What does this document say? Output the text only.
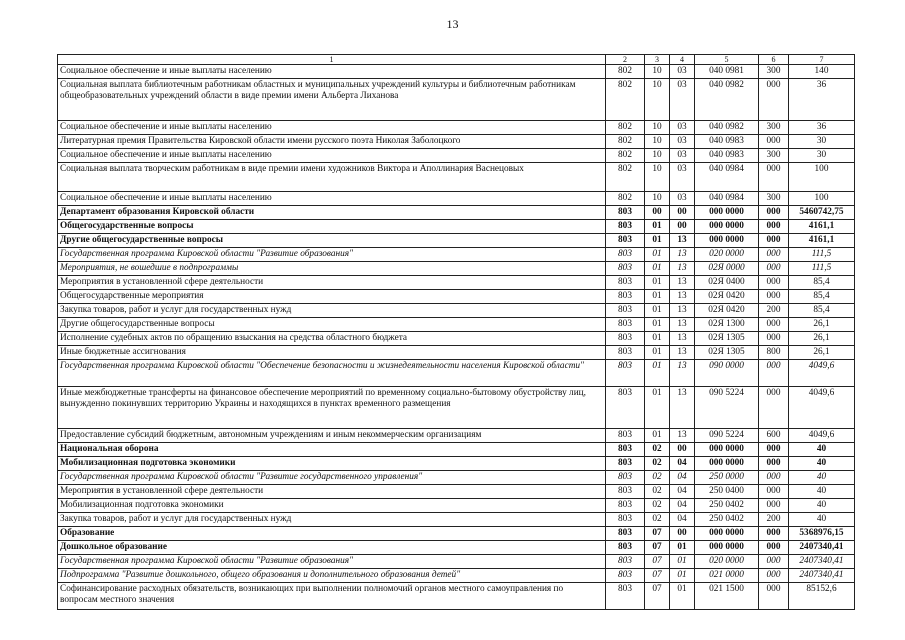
13
1	2	3	4	5	6	7
Социальное обеспечение и иные выплаты населению	802	10	03	040 0981	300	140
Социальная выплата библиотечным работникам областных и муниципальных учреждений культуры и библиотечным работникам общеобразовательных учреждений области в виде премии имени Альберта Лиханова	802	10	03	040 0982	000	36
Социальное обеспечение и иные выплаты населению	802	10	03	040 0982	300	36
Литературная премия Правительства Кировской области имени русского поэта Николая Заболоцкого	802	10	03	040 0983	000	30
Социальное обеспечение и иные выплаты населению	802	10	03	040 0983	300	30
Социальная выплата творческим работникам в виде премии имени художников Виктора и Аполлинария Васнецовых	802	10	03	040 0984	000	100
Социальное обеспечение и иные выплаты населению	802	10	03	040 0984	300	100
Департамент образования Кировской области	803	00	00	000 0000	000	5460742,75
Общегосударственные вопросы	803	01	00	000 0000	000	4161,1
Другие общегосударственные вопросы	803	01	13	000 0000	000	4161,1
Государственная программа Кировской области "Развитие образования"	803	01	13	020 0000	000	111,5
Мероприятия, не вошедшие в подпрограммы	803	01	13	02Я 0000	000	111,5
Мероприятия в установленной сфере деятельности	803	01	13	02Я 0400	000	85,4
Общегосударственные мероприятия	803	01	13	02Я 0420	000	85,4
Закупка товаров, работ и услуг для государственных нужд	803	01	13	02Я 0420	200	85,4
Другие общегосударственные вопросы	803	01	13	02Я 1300	000	26,1
Исполнение судебных актов по обращению взыскания на средства областного бюджета	803	01	13	02Я 1305	000	26,1
Иные бюджетные ассигнования	803	01	13	02Я 1305	800	26,1
Государственная программа Кировской области "Обеспечение безопасности и жизнедеятельности населения Кировской области"	803	01	13	090 0000	000	4049,6
Иные межбюджетные трансферты на финансовое обеспечение мероприятий по временному социально-бытовому обустройству лиц, вынужденно покинувших территорию Украины и находящихся в пунктах временного размещения	803	01	13	090 5224	000	4049,6
Предоставление субсидий бюджетным, автономным учреждениям и иным некоммерческим организациям	803	01	13	090 5224	600	4049,6
Национальная оборона	803	02	00	000 0000	000	40
Мобилизационная подготовка экономики	803	02	04	000 0000	000	40
Государственная программа Кировской области "Развитие государственного управления"	803	02	04	250 0000	000	40
Мероприятия в установленной сфере деятельности	803	02	04	250 0400	000	40
Мобилизационная подготовка экономики	803	02	04	250 0402	000	40
Закупка товаров, работ и услуг для государственных нужд	803	02	04	250 0402	200	40
Образование	803	07	00	000 0000	000	5368976,15
Дошкольное образование	803	07	01	000 0000	000	2407340,41
Государственная программа Кировской области "Развитие образования"	803	07	01	020 0000	000	2407340,41
Подпрограмма "Развитие дошкольного, общего образования и дополнительного образования детей"	803	07	01	021 0000	000	2407340,41
Софинансирование расходных обязательств, возникающих при выполнении полномочий органов местного самоуправления по вопросам местного значения	803	07	01	021 1500	000	85152,6
